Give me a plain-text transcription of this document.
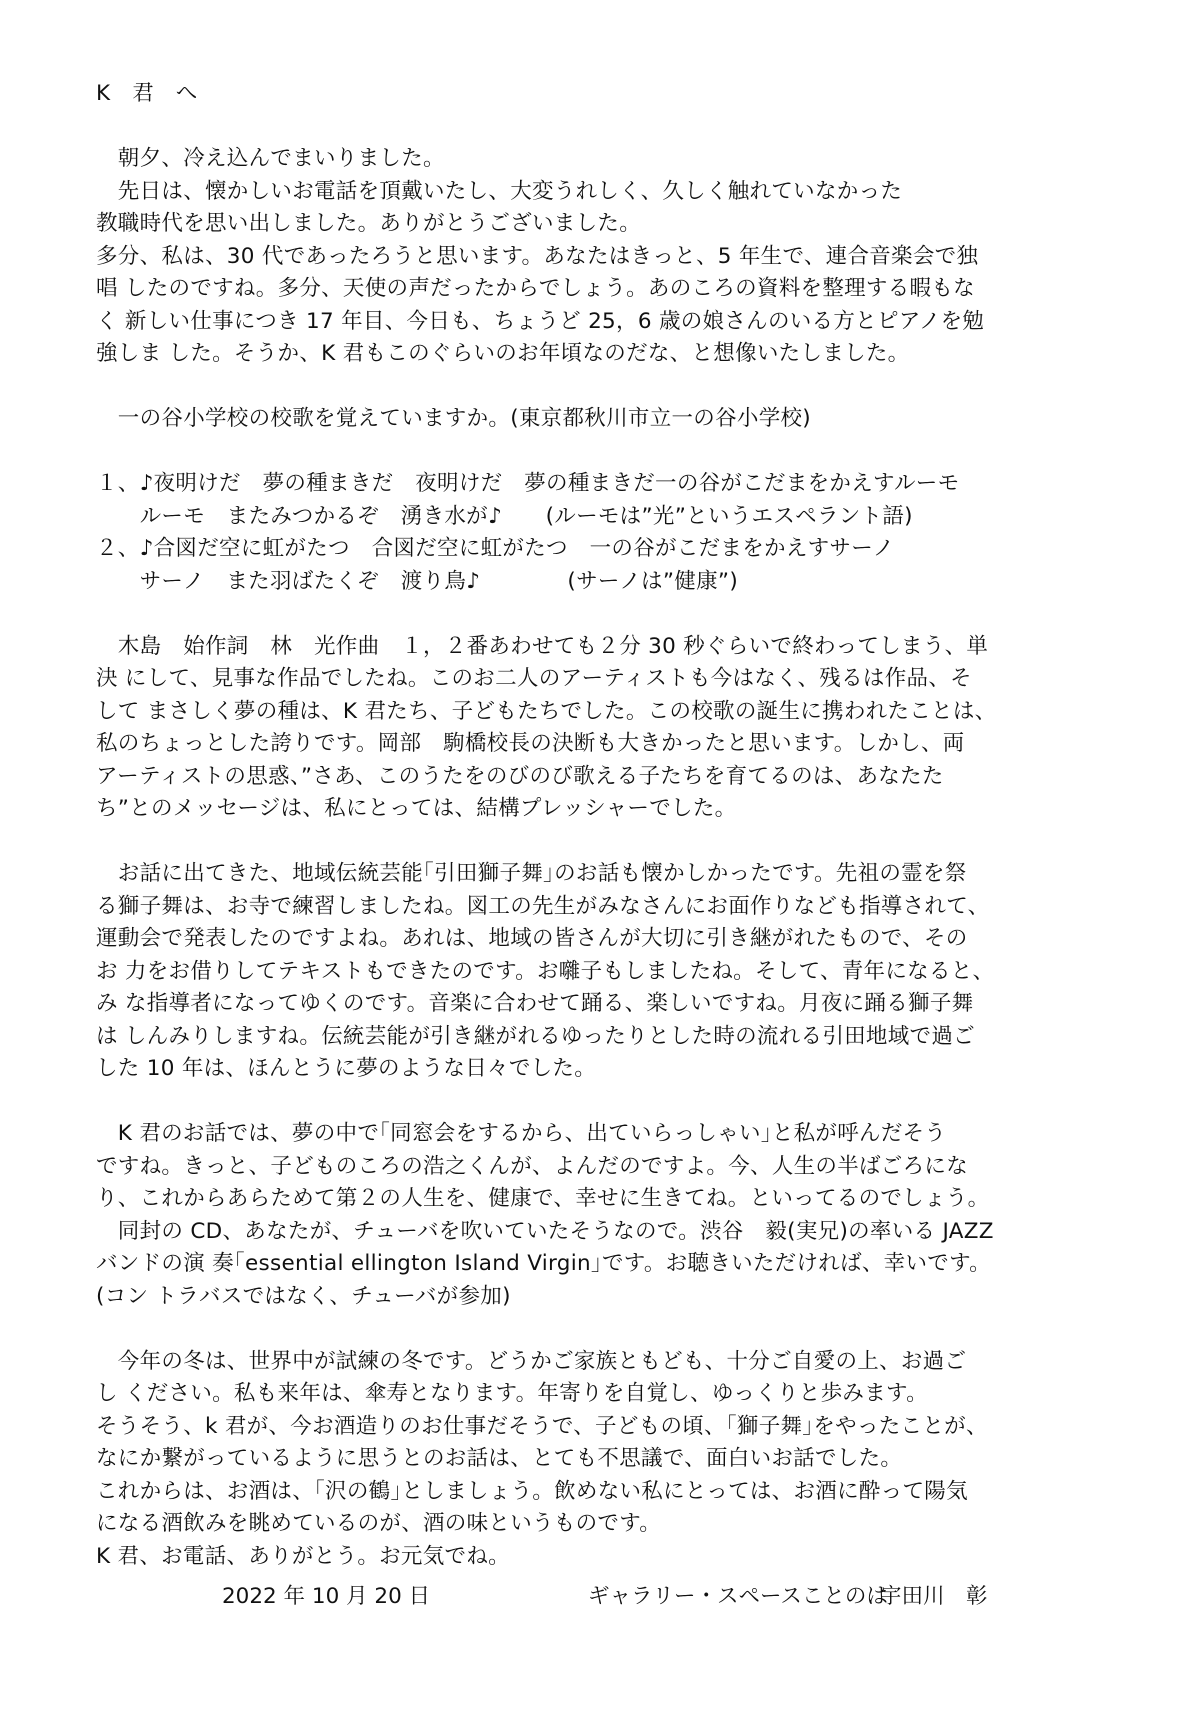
K　君　へ
　朝夕、冷え込んでまいりました。
　先日は、懐かしいお電話を頂戴いたし、大変うれしく、久しく触れていなかった
教職時代を思い出しました。ありがとうございました。
多分、私は、30 代であったろうと思います。あなたはきっと、5 年生で、連合音楽会で独
唱 したのですね。多分、天使の声だったからでしょう。あのころの資料を整理する暇もな
く 新しい仕事につき 17 年目、今日も、ちょうど 25，6 歳の娘さんのいる方とピアノを勉
強しま した。そうか、K 君もこのぐらいのお年頃なのだな、と想像いたしました。
　一の谷小学校の校歌を覚えていますか。(東京都秋川市立一の谷小学校)
１、♪夜明けだ　夢の種まきだ　夜明けだ　夢の種まきだ一の谷がこだまをかえすルーモ
　　ルーモ　またみつかるぞ　湧き水が♪　　(ルーモは”光”というエスペラント語)
２、♪合図だ空に虹がたつ　合図だ空に虹がたつ　一の谷がこだまをかえすサーノ
　　サーノ　また羽ばたくぞ　渡り鳥♪　　　　(サーノは”健康”)
　木島　始作詞　林　光作曲　１，２番あわせても２分 30 秒ぐらいで終わってしまう、単
決 にして、見事な作品でしたね。このお二人のアーティストも今はなく、残るは作品、そ
して まさしく夢の種は、K 君たち、子どもたちでした。この校歌の誕生に携われたことは、
私のちょっとした誇りです。岡部　駒橋校長の決断も大きかったと思います。しかし、両
アーティストの思惑、”さあ、このうたをのびのび歌える子たちを育てるのは、あなたた
ち”とのメッセージは、私にとっては、結構プレッシャーでした。
　お話に出てきた、地域伝統芸能｢引田獅子舞｣のお話も懐かしかったです。先祖の霊を祭
る獅子舞は、お寺で練習しましたね。図工の先生がみなさんにお面作りなども指導されて、
運動会で発表したのですよね。あれは、地域の皆さんが大切に引き継がれたもので、その
お 力をお借りしてテキストもできたのです。お囃子もしましたね。そして、青年になると、
み な指導者になってゆくのです。音楽に合わせて踊る、楽しいですね。月夜に踊る獅子舞
は しんみりしますね。伝統芸能が引き継がれるゆったりとした時の流れる引田地域で過ご
した 10 年は、ほんとうに夢のような日々でした。
　K 君のお話では、夢の中で｢同窓会をするから、出ていらっしゃい｣と私が呼んだそう
ですね。きっと、子どものころの浩之くんが、よんだのですよ。今、人生の半ばごろにな
り、これからあらためて第２の人生を、健康で、幸せに生きてね。といってるのでしょう。
　同封の CD、あなたが、チューバを吹いていたそうなので。渋谷　毅(実兄)の率いる JAZZ
バンドの演 奏｢essential ellington Island Virgin｣です。お聴きいただければ、幸いです。
(コン トラバスではなく、チューバが参加)
　今年の冬は、世界中が試練の冬です。どうかご家族ともども、十分ご自愛の上、お過ご
し ください。私も来年は、傘寿となります。年寄りを自覚し、ゆっくりと歩みます。
そうそう、k 君が、今お酒造りのお仕事だそうで、子どもの頃、｢獅子舞｣をやったことが、
なにか繋がっているように思うとのお話は、とても不思議で、面白いお話でした。
これからは、お酒は、｢沢の鶴｣としましょう。飲めない私にとっては、お酒に酔って陽気
になる酒飲みを眺めているのが、酒の味というものです。
K 君、お電話、ありがとう。お元気でね。
2022 年 10 月 20 日	ギャラリー・スペースことのは
宇田川　彰
